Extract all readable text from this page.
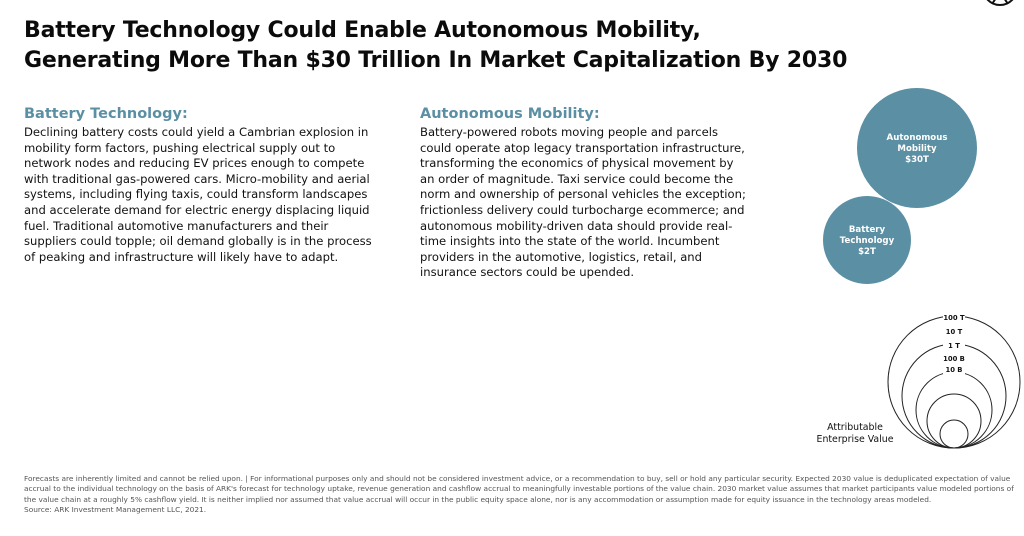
Battery Technology Could Enable Autonomous Mobility,
Generating More Than $30 Trillion In Market Capitalization By 2030
Battery Technology:

Declining battery costs could yield a Cambrian explosion in mobility form factors, pushing electrical supply out to network nodes and reducing EV prices enough to compete with traditional gas-powered cars. Micro-mobility and aerial systems, including flying taxis, could transform landscapes and accelerate demand for electric energy displacing liquid fuel. Traditional automotive manufacturers and their suppliers could topple; oil demand globally is in the process of peaking and infrastructure will likely have to adapt.

Autonomous Mobility:

Battery-powered robots moving people and parcels could operate atop legacy transportation infrastructure, transforming the economics of physical movement by an order of magnitude. Taxi service could become the norm and ownership of personal vehicles the exception; frictionless delivery could turbocharge ecommerce; and autonomous mobility-driven data should provide real-time insights into the state of the world. Incumbent providers in the automotive, logistics, retail, and insurance sectors could be upended.

Autonomous
Mobility
$30T
Battery
Technology
$2T
100 T
10 T
1 T
100 B
10 B
Attributable
Enterprise Value
Forecasts are inherently limited and cannot be relied upon. | For informational purposes only and should not be considered investment advice, or a recommendation to buy, sell or hold any particular security. Expected 2030 value is deduplicated expectation of value accrual to the individual technology on the basis of ARK's forecast for technology uptake, revenue generation and cashflow accrual to meaningfully investable portions of the value chain. 2030 market value assumes that market participants value modeled portions of the value chain at a roughly 5% cashflow yield. It is neither implied nor assumed that value accrual will occur in the public equity space alone, nor is any accommodation or assumption made for equity issuance in the technology areas modeled.
Source: ARK Investment Management LLC, 2021.
